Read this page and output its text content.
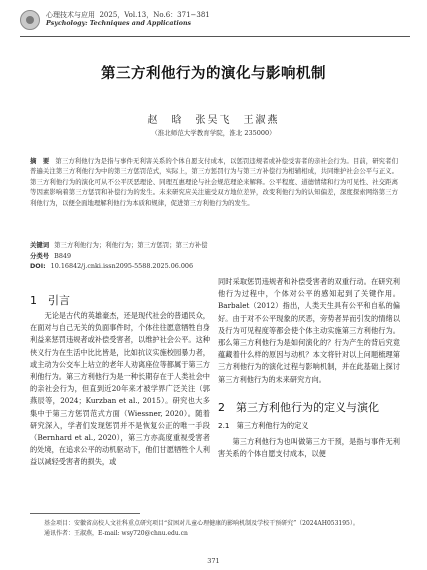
心理技术与应用 2025，Vol.13，No.6：371−381
Psychology: Techniques and Applications
第三方利他行为的演化与影响机制
赵　晗　张吴飞　王淑燕
（淮北师范大学教育学院，淮北 235000）
摘　要 第三方利他行为是指与事件无利害关系的个体自愿支付成本，以惩罚违规者或补偿受害者的亲社会行为。目前，研究者们普遍关注第三方利他行为中的第三方惩罚范式，实际上，第三方惩罚行为与第三方补偿行为相辅相成，共同维护社会公平与正义。第三方利他行为的演化可从不公平厌恶理论、同理互惠理论与社会规范理论来解释。公平程度、道德情绪和行为可见性、社交距离等因素影响着第三方惩罚和补偿行为的发生。未来研究应关注施受双方地位差异，改变利他行为的认知偏差，深度探索网络第三方利他行为，以便全面地理解利他行为本质和规律，促进第三方利他行为的发生。
关键词 第三方利他行为；利他行为；第三方惩罚；第三方补偿
分类号 B849
DOI: 10.16842/j.cnki.issn2095-5588.2025.06.006
1　引言

无论是古代的英雄豪杰，还是现代社会的普通民众，在面对与自己无关的负面事件时，个体往往愿意牺牲自身利益来惩罚违规者或补偿受害者，以维护社会公平。这种侠义行为在生活中比比皆是，比如抗议实施校园暴力者，或主动为公交车上坫立的老年人劝离座位等都属于第三方利他行为。第三方利他行为是一种长期存在于人类社会中的亲社会行为，但直到近20年来才被学界广泛关注（郭燕辰等，2024；Kurzban et al., 2015）。研究也大多集中于第三方惩罚范式方面（Wiessner, 2020）。随着研究深入，学者们发现惩罚并不是恢复公正的唯一手段（Bernhard et al., 2020），第三方亦高度重视受害者的处境，在追求公平的动机驱动下，他们甘愿牺牲个人利益以减轻受害者的损失，或

同时采取惩罚违规者和补偿受害者的双重行动。在研究利他行为过程中，个体对公平的感知起到了关键作用。Barbalet（2012）指出，人类天生具有公平和自私的偏好。由于对不公平现象的厌恶，旁势者异而引发的情绪以及行为可见程度等都会使个体主动实施第三方利他行为。那么第三方利他行为是如何演化的？行为产生的背后究竟蕴藏着什么样的原因与动机？本文将针对以上问题梳理第三方利他行为的演化过程与影响机制，并在此基础上探讨第三方利他行为的未来研究方向。

2　第三方利他行为的定义与演化
2.1　第三方利他行为的定义

第三方利他行为也叫做第三方干预，是指与事件无利害关系的个体自愿支付成本，以便

基金项目：安徽省高校人文社科重点研究项目“贫困对儿童心理健康的影响机制及学校干预研究”（2024AH053195）。
通讯作者：王淑燕，E-mail: wsy720@chnu.edu.cn
371
